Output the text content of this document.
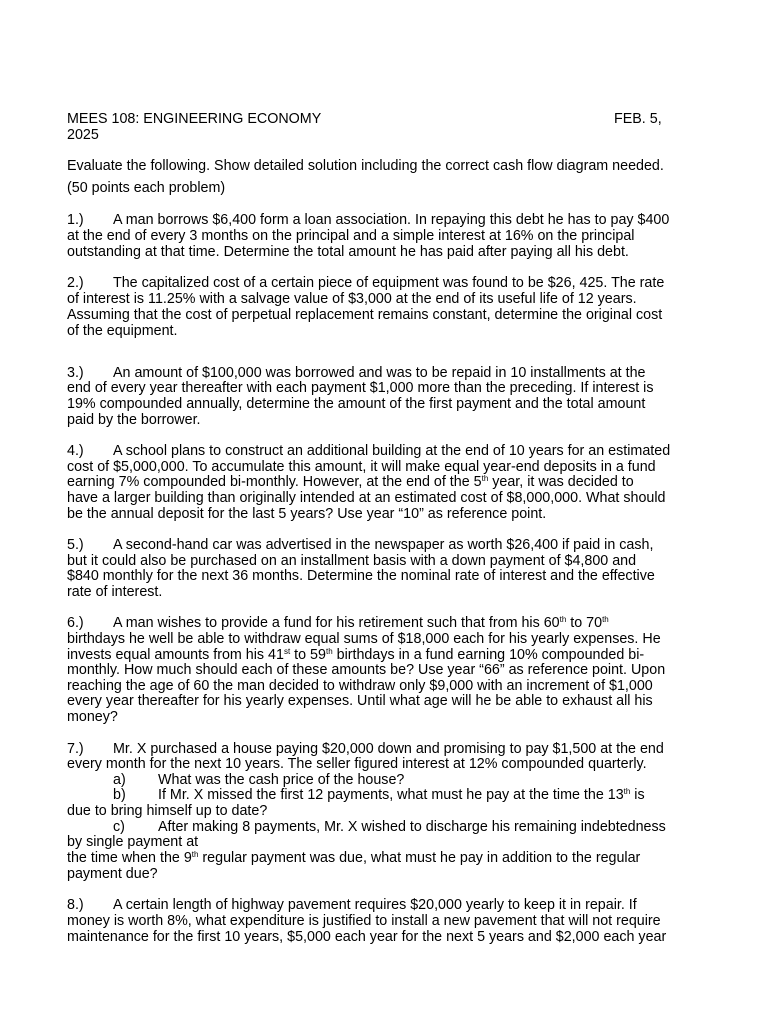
MEES 108: ENGINEERING ECONOMY	FEB. 5,
2025
Evaluate the following. Show detailed solution including the correct cash flow diagram needed.
(50 points each problem)
1.) A man borrows $6,400 form a loan association. In repaying this debt he has to pay $400
at the end of every 3 months on the principal and a simple interest at 16% on the principal
outstanding at that time. Determine the total amount he has paid after paying all his debt.
2.) The capitalized cost of a certain piece of equipment was found to be $26, 425. The rate
of interest is 11.25% with a salvage value of $3,000 at the end of its useful life of 12 years.
Assuming that the cost of perpetual replacement remains constant, determine the original cost
of the equipment.
3.) An amount of $100,000 was borrowed and was to be repaid in 10 installments at the
end of every year thereafter with each payment $1,000 more than the preceding. If interest is
19% compounded annually, determine the amount of the first payment and the total amount
paid by the borrower.
4.) A school plans to construct an additional building at the end of 10 years for an estimated
cost of $5,000,000. To accumulate this amount, it will make equal year-end deposits in a fund
earning 7% compounded bi-monthly. However, at the end of the 5th year, it was decided to
have a larger building than originally intended at an estimated cost of $8,000,000. What should
be the annual deposit for the last 5 years? Use year “10” as reference point.
5.) A second-hand car was advertised in the newspaper as worth $26,400 if paid in cash,
but it could also be purchased on an installment basis with a down payment of $4,800 and
$840 monthly for the next 36 months. Determine the nominal rate of interest and the effective
rate of interest.
6.) A man wishes to provide a fund for his retirement such that from his 60th to 70th
birthdays he well be able to withdraw equal sums of $18,000 each for his yearly expenses. He
invests equal amounts from his 41st to 59th birthdays in a fund earning 10% compounded bi-
monthly. How much should each of these amounts be? Use year “66” as reference point. Upon
reaching the age of 60 the man decided to withdraw only $9,000 with an increment of $1,000
every year thereafter for his yearly expenses. Until what age will he be able to exhaust all his
money?
7.) Mr. X purchased a house paying $20,000 down and promising to pay $1,500 at the end
every month for the next 10 years. The seller figured interest at 12% compounded quarterly.
a) What was the cash price of the house?
b) If Mr. X missed the first 12 payments, what must he pay at the time the 13th is
due to bring himself up to date?
c) After making 8 payments, Mr. X wished to discharge his remaining indebtedness
by single payment at
the time when the 9th regular payment was due, what must he pay in addition to the regular
payment due?
8.) A certain length of highway pavement requires $20,000 yearly to keep it in repair. If
money is worth 8%, what expenditure is justified to install a new pavement that will not require
maintenance for the first 10 years, $5,000 each year for the next 5 years and $2,000 each year
